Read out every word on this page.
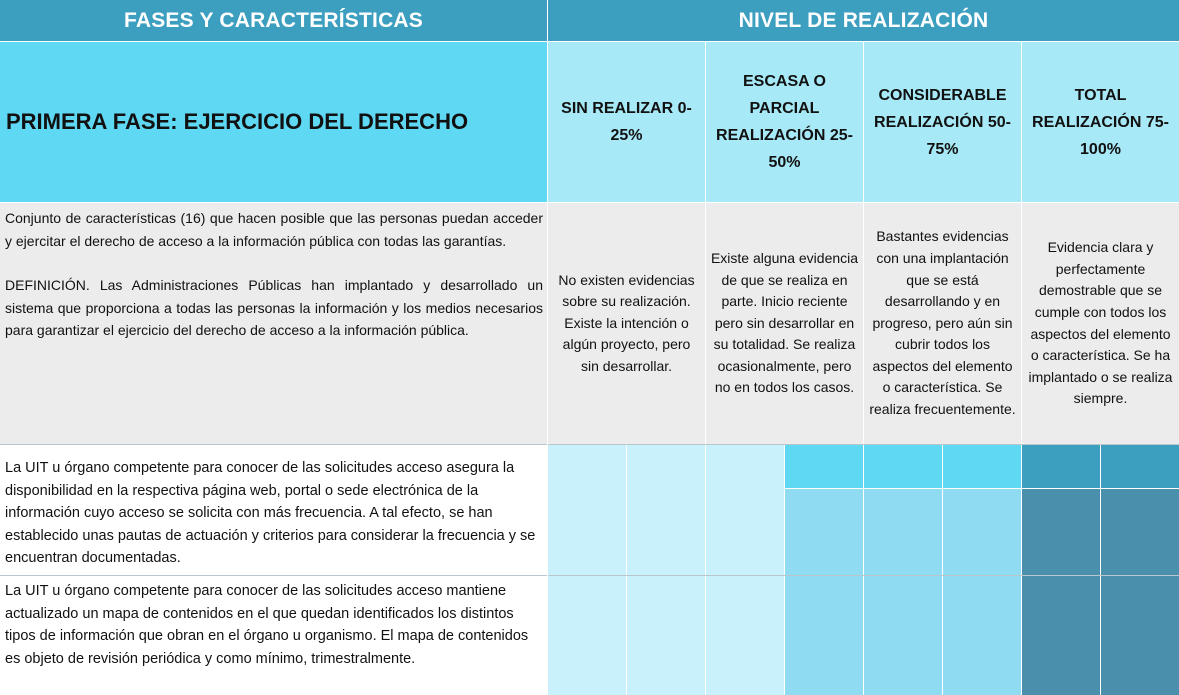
FASES Y CARACTERÍSTICAS	NIVEL DE REALIZACIÓN
PRIMERA FASE: EJERCICIO DEL DERECHO
SIN REALIZAR 0-25%
ESCASA O PARCIAL REALIZACIÓN 25-50%
CONSIDERABLE REALIZACIÓN 50-75%
TOTAL REALIZACIÓN 75-100%

Conjunto de características (16) que hacen posible que las personas puedan acceder y ejercitar el derecho de acceso a la información pública con todas las garantías.

DEFINICIÓN. Las Administraciones Públicas han implantado y desarrollado un sistema que proporciona a todas las personas la información y los medios necesarios para garantizar el ejercicio del derecho de acceso a la información pública.

No existen evidencias sobre su realización. Existe la intención o algún proyecto, pero sin desarrollar.
Existe alguna evidencia de que se realiza en parte. Inicio reciente pero sin desarrollar en su totalidad. Se realiza ocasionalmente, pero no en todos los casos.
Bastantes evidencias con una implantación que se está desarrollando y en progreso, pero aún sin cubrir todos los aspectos del elemento o característica. Se realiza frecuentemente.
Evidencia clara y perfectamente demostrable que se cumple con todos los aspectos del elemento o característica. Se ha implantado o se realiza siempre.
La UIT u órgano competente para conocer de las solicitudes acceso asegura la disponibilidad en la respectiva página web, portal o sede electrónica de la información cuyo acceso se solicita con más frecuencia. A tal efecto, se han establecido unas pautas de actuación y criterios para considerar la frecuencia y se encuentran documentadas.
La UIT u órgano competente para conocer de las solicitudes acceso mantiene actualizado un mapa de contenidos en el que quedan identificados los distintos tipos de información que obran en el órgano u organismo. El mapa de contenidos es objeto de revisión periódica y como mínimo, trimestralmente.
